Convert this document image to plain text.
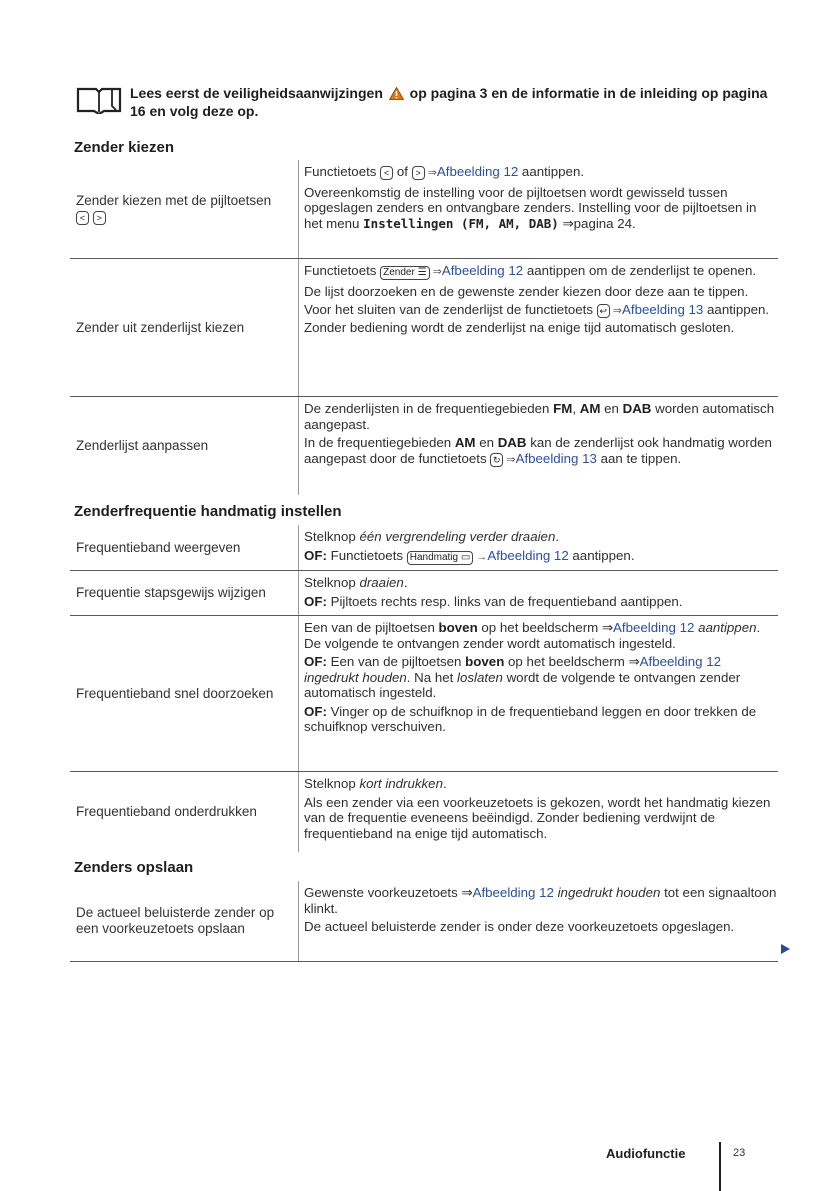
Lees eerst de veiligheidsaanwijzingen  op pagina 3 en de informatie in de inleiding op pagina 16 en volg deze op.
Zender kiezen
Zender kiezen met de pijltoetsen
< >

Functietoets < of > ⇒Afbeelding 12 aantippen.

Overeenkomstig de instelling voor de pijltoetsen wordt gewisseld tussen opgeslagen zenders en ontvangbare zenders. Instelling voor de pijltoetsen in het menu Instellingen (FM, AM, DAB) ⇒pagina 24.

Zender uit zenderlijst kiezen

Functietoets Zender ☰ ⇒Afbeelding 12 aantippen om de zenderlijst te openen.

De lijst doorzoeken en de gewenste zender kiezen door deze aan te tippen.

Voor het sluiten van de zenderlijst de functietoets ↩ ⇒Afbeelding 13 aantippen. Zonder bediening wordt de zenderlijst na enige tijd automatisch gesloten.

Zenderlijst aanpassen

De zenderlijsten in de frequentiegebieden FM, AM en DAB worden automatisch aangepast.

In de frequentiegebieden AM en DAB kan de zenderlijst ook handmatig worden aangepast door de functietoets ↻ ⇒Afbeelding 13 aan te tippen.

Zenderfrequentie handmatig instellen
Frequentieband weergeven

Stelknop één vergrendeling verder draaien.

OF: Functietoets Handmatig ▭ →Afbeelding 12 aantippen.

Frequentie stapsgewijs wijzigen

Stelknop draaien.

OF: Pijltoets rechts resp. links van de frequentieband aantippen.

Frequentieband snel doorzoeken

Een van de pijltoetsen boven op het beeldscherm ⇒Afbeelding 12 aantippen. De volgende te ontvangen zender wordt automatisch ingesteld.

OF: Een van de pijltoetsen boven op het beeldscherm ⇒Afbeelding 12 ingedrukt houden. Na het loslaten wordt de volgende te ontvangen zender automatisch ingesteld.

OF: Vinger op de schuifknop in de frequentieband leggen en door trekken de schuifknop verschuiven.

Frequentieband onderdrukken

Stelknop kort indrukken.

Als een zender via een voorkeuzetoets is gekozen, wordt het handmatig kiezen van de frequentie eveneens beëindigd. Zonder bediening verdwijnt de frequentieband na enige tijd automatisch.

Zenders opslaan
De actueel beluisterde zender op een voorkeuzetoets opslaan

Gewenste voorkeuzetoets ⇒Afbeelding 12 ingedrukt houden tot een signaaltoon klinkt.

De actueel beluisterde zender is onder deze voorkeuzetoets opgeslagen.

Audiofunctie	23
